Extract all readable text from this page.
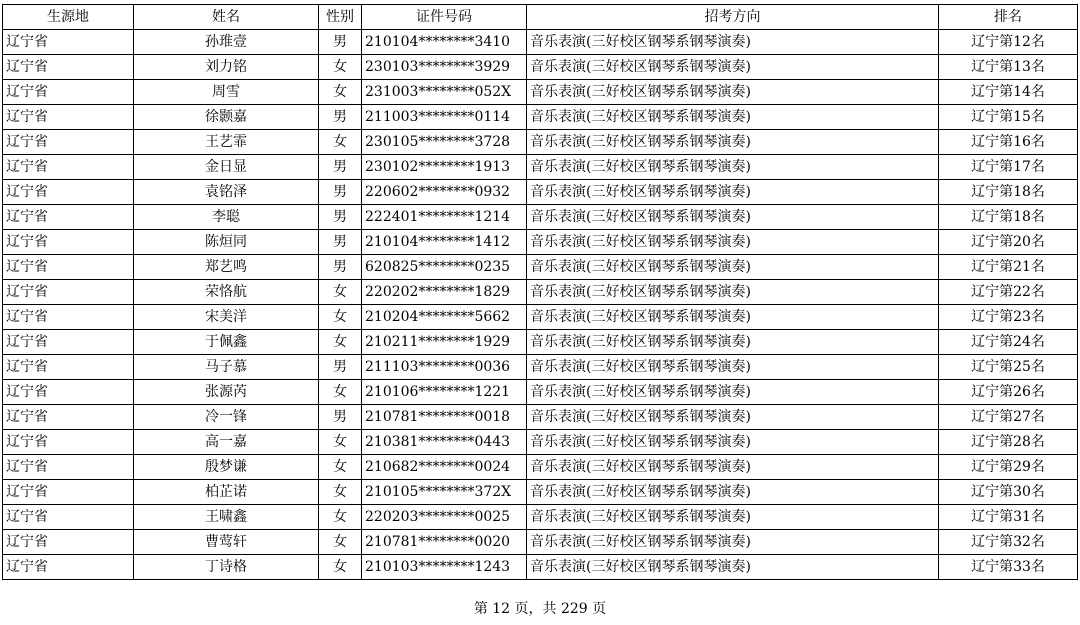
生源地	姓名	性别	证件号码	招考方向	排名
辽宁省	孙琟壹	男	210104********3410	音乐表演(三好校区钢琴系钢琴演奏)	辽宁第12名
辽宁省	刘力铭	女	230103********3929	音乐表演(三好校区钢琴系钢琴演奏)	辽宁第13名
辽宁省	周雪	女	231003********052X	音乐表演(三好校区钢琴系钢琴演奏)	辽宁第14名
辽宁省	徐颢嘉	男	211003********0114	音乐表演(三好校区钢琴系钢琴演奏)	辽宁第15名
辽宁省	王艺霏	女	230105********3728	音乐表演(三好校区钢琴系钢琴演奏)	辽宁第16名
辽宁省	金日显	男	230102********1913	音乐表演(三好校区钢琴系钢琴演奏)	辽宁第17名
辽宁省	袁铭泽	男	220602********0932	音乐表演(三好校区钢琴系钢琴演奏)	辽宁第18名
辽宁省	李聪	男	222401********1214	音乐表演(三好校区钢琴系钢琴演奏)	辽宁第18名
辽宁省	陈烜同	男	210104********1412	音乐表演(三好校区钢琴系钢琴演奏)	辽宁第20名
辽宁省	郑艺鸣	男	620825********0235	音乐表演(三好校区钢琴系钢琴演奏)	辽宁第21名
辽宁省	荣恪航	女	220202********1829	音乐表演(三好校区钢琴系钢琴演奏)	辽宁第22名
辽宁省	宋美洋	女	210204********5662	音乐表演(三好校区钢琴系钢琴演奏)	辽宁第23名
辽宁省	于佩鑫	女	210211********1929	音乐表演(三好校区钢琴系钢琴演奏)	辽宁第24名
辽宁省	马子慕	男	211103********0036	音乐表演(三好校区钢琴系钢琴演奏)	辽宁第25名
辽宁省	张源芮	女	210106********1221	音乐表演(三好校区钢琴系钢琴演奏)	辽宁第26名
辽宁省	冷一锋	男	210781********0018	音乐表演(三好校区钢琴系钢琴演奏)	辽宁第27名
辽宁省	高一嘉	女	210381********0443	音乐表演(三好校区钢琴系钢琴演奏)	辽宁第28名
辽宁省	殷梦谦	女	210682********0024	音乐表演(三好校区钢琴系钢琴演奏)	辽宁第29名
辽宁省	柏芷诺	女	210105********372X	音乐表演(三好校区钢琴系钢琴演奏)	辽宁第30名
辽宁省	王啸鑫	女	220203********0025	音乐表演(三好校区钢琴系钢琴演奏)	辽宁第31名
辽宁省	曹莺轩	女	210781********0020	音乐表演(三好校区钢琴系钢琴演奏)	辽宁第32名
辽宁省	丁诗格	女	210103********1243	音乐表演(三好校区钢琴系钢琴演奏)	辽宁第33名
第 12 页，共 229 页
